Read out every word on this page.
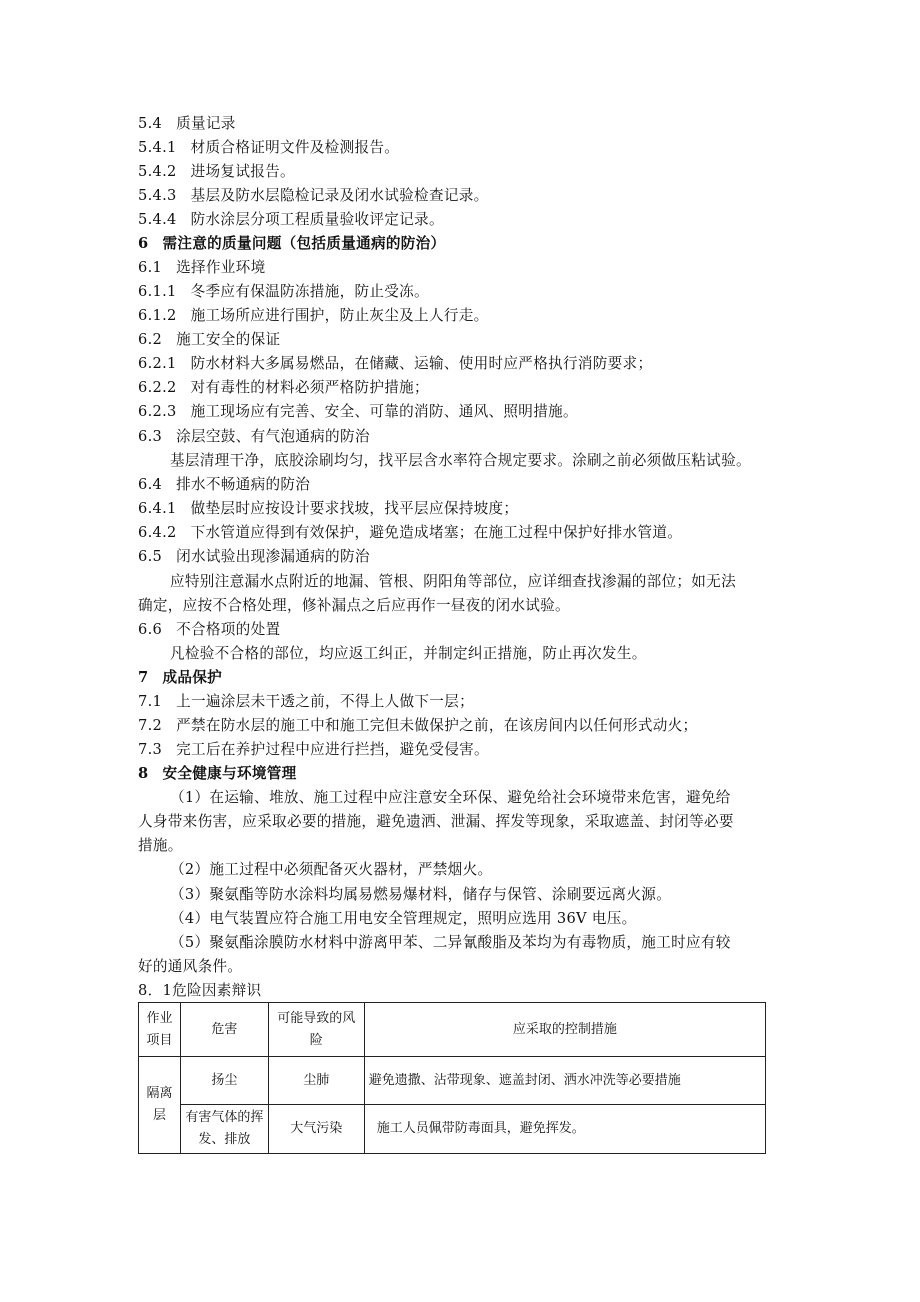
5.4 质量记录
5.4.1 材质合格证明文件及检测报告。
5.4.2 进场复试报告。
5.4.3 基层及防水层隐检记录及闭水试验检查记录。
5.4.4 防水涂层分项工程质量验收评定记录。
6 需注意的质量问题（包括质量通病的防治）
6.1 选择作业环境
6.1.1 冬季应有保温防冻措施，防止受冻。
6.1.2 施工场所应进行围护，防止灰尘及上人行走。
6.2 施工安全的保证
6.2.1 防水材料大多属易燃品，在储藏、运输、使用时应严格执行消防要求；
6.2.2 对有毒性的材料必须严格防护措施；
6.2.3 施工现场应有完善、安全、可靠的消防、通风、照明措施。
6.3 涂层空鼓、有气泡通病的防治
基层清理干净，底胶涂刷均匀，找平层含水率符合规定要求。涂刷之前必须做压粘试验。
6.4 排水不畅通病的防治
6.4.1 做垫层时应按设计要求找坡，找平层应保持坡度；
6.4.2 下水管道应得到有效保护，避免造成堵塞；在施工过程中保护好排水管道。
6.5 闭水试验出现渗漏通病的防治
应特别注意漏水点附近的地漏、管根、阴阳角等部位，应详细查找渗漏的部位；如无法
确定，应按不合格处理，修补漏点之后应再作一昼夜的闭水试验。
6.6 不合格项的处置
凡检验不合格的部位，均应返工纠正，并制定纠正措施，防止再次发生。
7 成品保护
7.1 上一遍涂层未干透之前，不得上人做下一层；
7.2 严禁在防水层的施工中和施工完但未做保护之前，在该房间内以任何形式动火；
7.3 完工后在养护过程中应进行拦挡，避免受侵害。
8 安全健康与环境管理
（1）在运输、堆放、施工过程中应注意安全环保、避免给社会环境带来危害，避免给
人身带来伤害，应采取必要的措施，避免遗洒、泄漏、挥发等现象，采取遮盖、封闭等必要
措施。
（2）施工过程中必须配备灭火器材，严禁烟火。
（3）聚氨酯等防水涂料均属易燃易爆材料，储存与保管、涂刷要远离火源。
（4）电气装置应符合施工用电安全管理规定，照明应选用 36V 电压。
（5）聚氨酯涂膜防水材料中游离甲苯、二异氰酸脂及苯均为有毒物质，施工时应有较
好的通风条件。
8．1危险因素辩识
作业项目	危害	可能导致的风险	应采取的控制措施
隔离层	扬尘	尘肺	避免遗撒、沾带现象、遮盖封闭、洒水冲洗等必要措施
	有害气体的挥发、排放	大气污染	施工人员佩带防毒面具，避免挥发。
